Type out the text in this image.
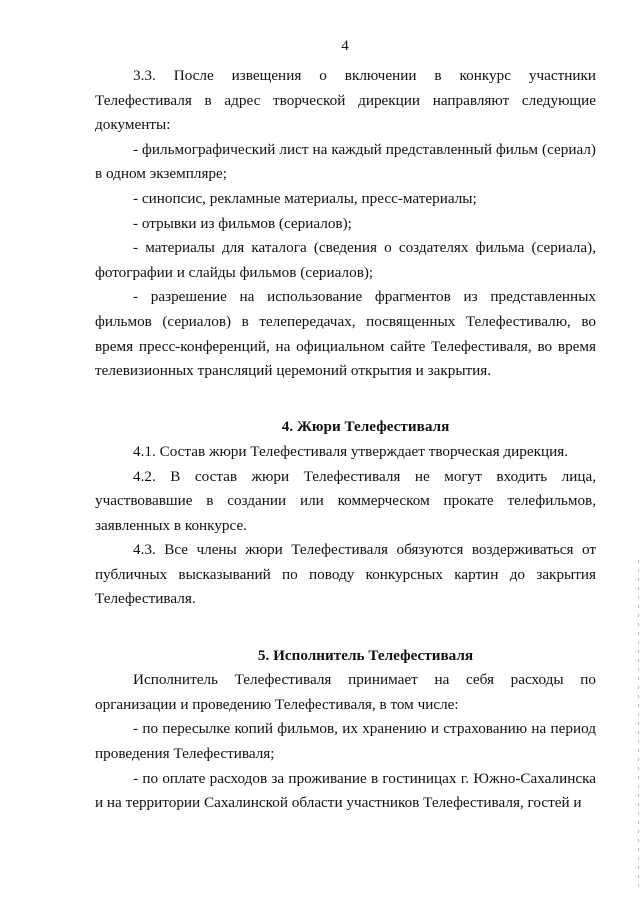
4

3.3. После извещения о включении в конкурс участники Телефестиваля в адрес творческой дирекции направляют следующие документы:

- фильмографический лист на каждый представленный фильм (сериал) в одном экземпляре;

- синопсис, рекламные материалы, пресс-материалы;

- отрывки из фильмов (сериалов);

- материалы для каталога (сведения о создателях фильма (сериала), фотографии и слайды фильмов (сериалов);

- разрешение на использование фрагментов из представленных фильмов (сериалов) в телепередачах, посвященных Телефестивалю, во время пресс-конференций, на официальном сайте Телефестиваля, во время телевизионных трансляций церемоний открытия и закрытия.

4. Жюри Телефестиваля

4.1. Состав жюри Телефестиваля утверждает творческая дирекция.

4.2. В состав жюри Телефестиваля не могут входить лица, участвовавшие в создании или коммерческом прокате телефильмов, заявленных в конкурсе.

4.3. Все члены жюри Телефестиваля обязуются воздерживаться от публичных высказываний по поводу конкурсных картин до закрытия Телефестиваля.

5. Исполнитель Телефестиваля

Исполнитель Телефестиваля принимает на себя расходы по организации и проведению Телефестиваля, в том числе:

- по пересылке копий фильмов, их хранению и страхованию на период проведения Телефестиваля;

- по оплате расходов за проживание в гостиницах г. Южно-Сахалинска и на территории Сахалинской области участников Телефестиваля, гостей и
